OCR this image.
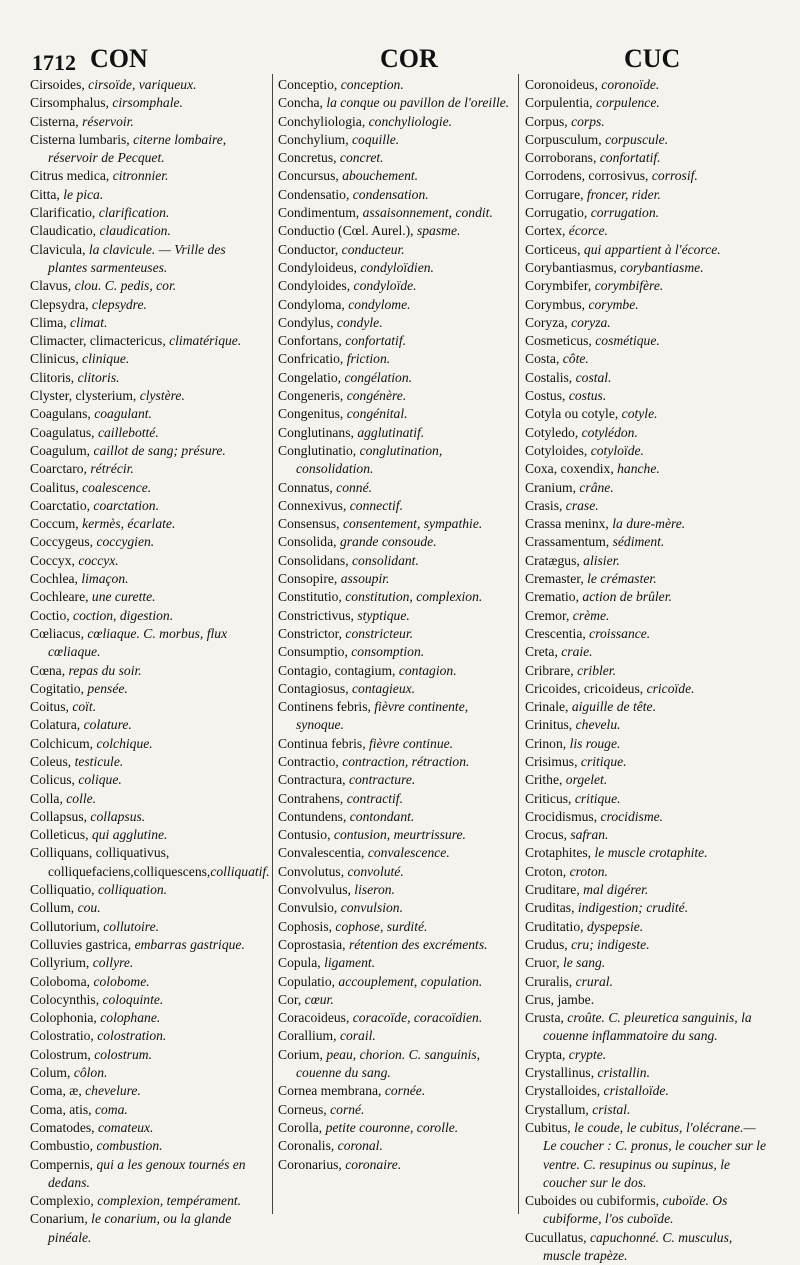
1712 CON	COR	CUC

Cirsoides, cirsoïde, variqueux.

Cirsomphalus, cirsomphale.

Cisterna, réservoir.

Cisterna lumbaris, citerne lombaire, réservoir de Pecquet.

Citrus medica, citronnier.

Citta, le pica.

Clarificatio, clarification.

Claudicatio, claudication.

Clavicula, la clavicule. — Vrille des plantes sarmenteuses.

Clavus, clou. C. pedis, cor.

Clepsydra, clepsydre.

Clima, climat.

Climacter, climactericus, climatérique.

Clinicus, clinique.

Clitoris, clitoris.

Clyster, clysterium, clystère.

Coagulans, coagulant.

Coagulatus, caillebotté.

Coagulum, caillot de sang; présure.

Coarctaro, rétrécir.

Coalitus, coalescence.

Coarctatio, coarctation.

Coccum, kermès, écarlate.

Coccygeus, coccygien.

Coccyx, coccyx.

Cochlea, limaçon.

Cochleare, une curette.

Coctio, coction, digestion.

Cœliacus, cœliaque. C. morbus, flux cœliaque.

Cœna, repas du soir.

Cogitatio, pensée.

Coitus, coït.

Colatura, colature.

Colchicum, colchique.

Coleus, testicule.

Colicus, colique.

Colla, colle.

Collapsus, collapsus.

Colleticus, qui agglutine.

Colliquans, colliquativus, colliquefaciens,colliquescens,colliquatif.

Colliquatio, colliquation.

Collum, cou.

Collutorium, collutoire.

Colluvies gastrica, embarras gastrique.

Collyrium, collyre.

Coloboma, colobome.

Colocynthis, coloquinte.

Colophonia, colophane.

Colostratio, colostration.

Colostrum, colostrum.

Colum, côlon.

Coma, æ, chevelure.

Coma, atis, coma.

Comatodes, comateux.

Combustio, combustion.

Compernis, qui a les genoux tournés en dedans.

Complexio, complexion, tempérament.

Conarium, le conarium, ou la glande pinéale.

Conceptio, conception.

Concha, la conque ou pavillon de l'oreille.

Conchyliologia, conchyliologie.

Conchylium, coquille.

Concretus, concret.

Concursus, abouchement.

Condensatio, condensation.

Condimentum, assaisonnement, condit.

Conductio (Cœl. Aurel.), spasme.

Conductor, conducteur.

Condyloideus, condyloïdien.

Condyloides, condyloïde.

Condyloma, condylome.

Condylus, condyle.

Confortans, confortatif.

Confricatio, friction.

Congelatio, congélation.

Congeneris, congénère.

Congenitus, congénital.

Conglutinans, agglutinatif.

Conglutinatio, conglutination, consolidation.

Connatus, conné.

Connexivus, connectif.

Consensus, consentement, sympathie.

Consolida, grande consoude.

Consolidans, consolidant.

Consopire, assoupir.

Constitutio, constitution, complexion.

Constrictivus, styptique.

Constrictor, constricteur.

Consumptio, consomption.

Contagio, contagium, contagion.

Contagiosus, contagieux.

Continens febris, fièvre continente, synoque.

Continua febris, fièvre continue.

Contractio, contraction, rétraction.

Contractura, contracture.

Contrahens, contractif.

Contundens, contondant.

Contusio, contusion, meurtrissure.

Convalescentia, convalescence.

Convolutus, convoluté.

Convolvulus, liseron.

Convulsio, convulsion.

Cophosis, cophose, surdité.

Coprostasia, rétention des excréments.

Copula, ligament.

Copulatio, accouplement, copulation.

Cor, cœur.

Coracoideus, coracoïde, coracoïdien.

Corallium, corail.

Corium, peau, chorion. C. sanguinis, couenne du sang.

Cornea membrana, cornée.

Corneus, corné.

Corolla, petite couronne, corolle.

Coronalis, coronal.

Coronarius, coronaire.

Coronoideus, coronoïde.

Corpulentia, corpulence.

Corpus, corps.

Corpusculum, corpuscule.

Corroborans, confortatif.

Corrodens, corrosivus, corrosif.

Corrugare, froncer, rider.

Corrugatio, corrugation.

Cortex, écorce.

Corticeus, qui appartient à l'écorce.

Corybantiasmus, corybantiasme.

Corymbifer, corymbifère.

Corymbus, corymbe.

Coryza, coryza.

Cosmeticus, cosmétique.

Costa, côte.

Costalis, costal.

Costus, costus.

Cotyla ou cotyle, cotyle.

Cotyledo, cotylédon.

Cotyloides, cotyloïde.

Coxa, coxendix, hanche.

Cranium, crâne.

Crasis, crase.

Crassa meninx, la dure-mère.

Crassamentum, sédiment.

Cratægus, alisier.

Cremaster, le crémaster.

Crematio, action de brûler.

Cremor, crème.

Crescentia, croissance.

Creta, craie.

Cribrare, cribler.

Cricoides, cricoideus, cricoïde.

Crinale, aiguille de tête.

Crinitus, chevelu.

Crinon, lis rouge.

Crisimus, critique.

Crithe, orgelet.

Criticus, critique.

Crocidismus, crocidisme.

Crocus, safran.

Crotaphites, le muscle crotaphite.

Croton, croton.

Cruditare, mal digérer.

Cruditas, indigestion; crudité.

Cruditatio, dyspepsie.

Crudus, cru; indigeste.

Cruor, le sang.

Cruralis, crural.

Crus, jambe.

Crusta, croûte. C. pleuretica sanguinis, la couenne inflammatoire du sang.

Crypta, crypte.

Crystallinus, cristallin.

Crystalloides, cristalloïde.

Crystallum, cristal.

Cubitus, le coude, le cubitus, l'olécrane.— Le coucher : C. pronus, le coucher sur le ventre. C. resupinus ou supinus, le coucher sur le dos.

Cuboides ou cubiformis, cuboïde. Os cubiforme, l'os cuboïde.

Cucullatus, capuchonné. C. musculus, muscle trapèze.
